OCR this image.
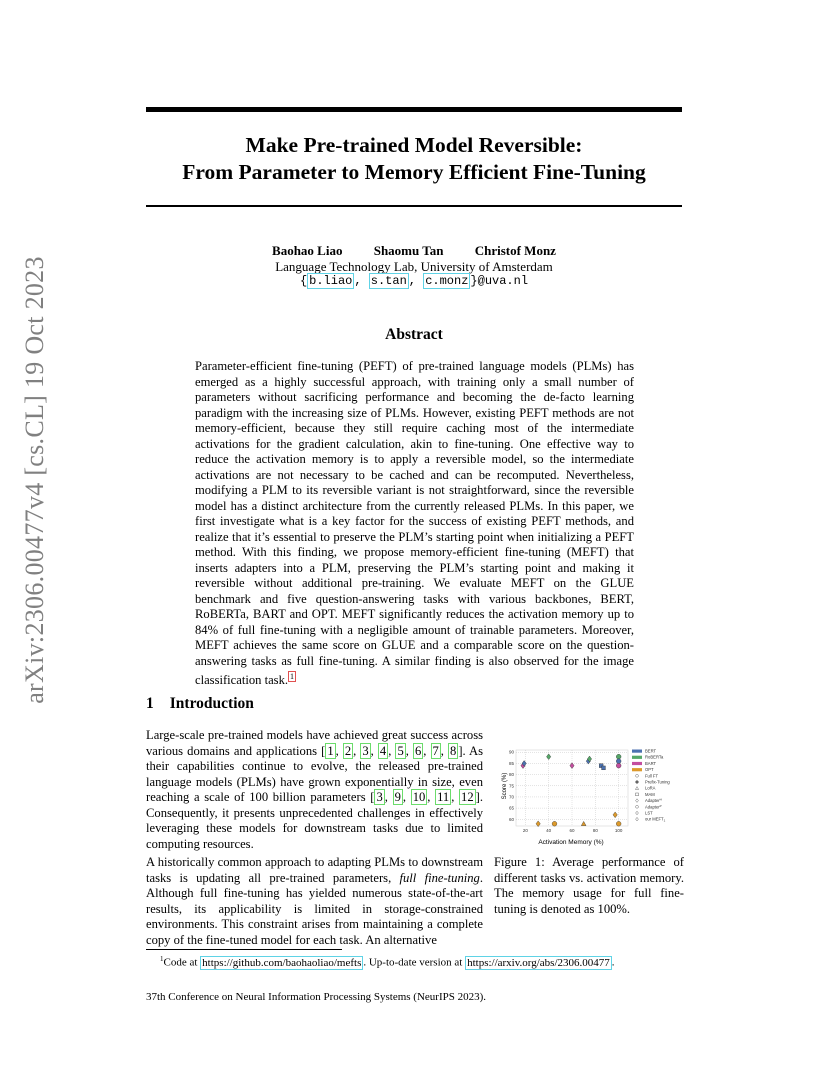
arXiv:2306.00477v4 [cs.CL] 19 Oct 2023
Make Pre-trained Model Reversible:
From Parameter to Memory Efficient Fine-Tuning
Baohao Liao Shaomu Tan Christof Monz
Language Technology Lab, University of Amsterdam
{ b.liao , s.tan , c.monz }@uva.nl
Abstract
Parameter-efficient fine-tuning (PEFT) of pre-trained language models (PLMs) has emerged as a highly successful approach, with training only a small number of parameters without sacrificing performance and becoming the de-facto learning paradigm with the increasing size of PLMs. However, existing PEFT methods are not memory-efficient, because they still require caching most of the intermediate activations for the gradient calculation, akin to fine-tuning. One effective way to reduce the activation memory is to apply a reversible model, so the intermediate activations are not necessary to be cached and can be recomputed. Nevertheless, modifying a PLM to its reversible variant is not straightforward, since the reversible model has a distinct architecture from the currently released PLMs. In this paper, we first investigate what is a key factor for the success of existing PEFT methods, and realize that it’s essential to preserve the PLM’s starting point when initializing a PEFT method. With this finding, we propose memory-efficient fine-tuning (MEFT) that inserts adapters into a PLM, preserving the PLM’s starting point and making it reversible without additional pre-training. We evaluate MEFT on the GLUE benchmark and five question-answering tasks with various backbones, BERT, RoBERTa, BART and OPT. MEFT significantly reduces the activation memory up to 84% of full fine-tuning with a negligible amount of trainable parameters. Moreover, MEFT achieves the same score on GLUE and a comparable score on the question-answering tasks as full fine-tuning. A similar finding is also observed for the image classification task. $^1$
1 Introduction
Large-scale pre-trained models have achieved great success across various domains and applications [ 1 , 2 , 3 , 4 , 5 , 6 , 7 , 8 ]. As their capabilities continue to evolve, the released pre-trained language models (PLMs) have grown exponentially in size, even reaching a scale of 100 billion parameters [ 3 , 9 , 10 , 11 , 12 ]. Consequently, it presents unprecedented challenges in effectively leveraging these models for downstream tasks due to limited computing resources.
A historically common approach to adapting PLMs to downstream tasks is updating all pre-trained parameters, full fine-tuning. Although full fine-tuning has yielded numerous state-of-the-art results, its applicability is limited in storage-constrained environments. This constraint arises from maintaining a complete copy of the fine-tuned model for each task. An alternative
60
65
70
75
80
85
90
20	40	60	80	100
BERT
RoBERTa
BART
OPT
Full FT
Prefix-Tuning
LoRA
MAM
Adapter$^H$
Adapter$^P$
LST
our $MEFT_1$
Activation Memory (%)
Score (%)
Figure 1: Average performance of different tasks vs. activation memory. The memory usage for full fine-tuning is denoted as 100%.
$^1$Code at https://github.com/baohaoliao/mefts . Up-to-date version at https://arxiv.org/abs/2306.00477 .
37th Conference on Neural Information Processing Systems (NeurIPS 2023).
